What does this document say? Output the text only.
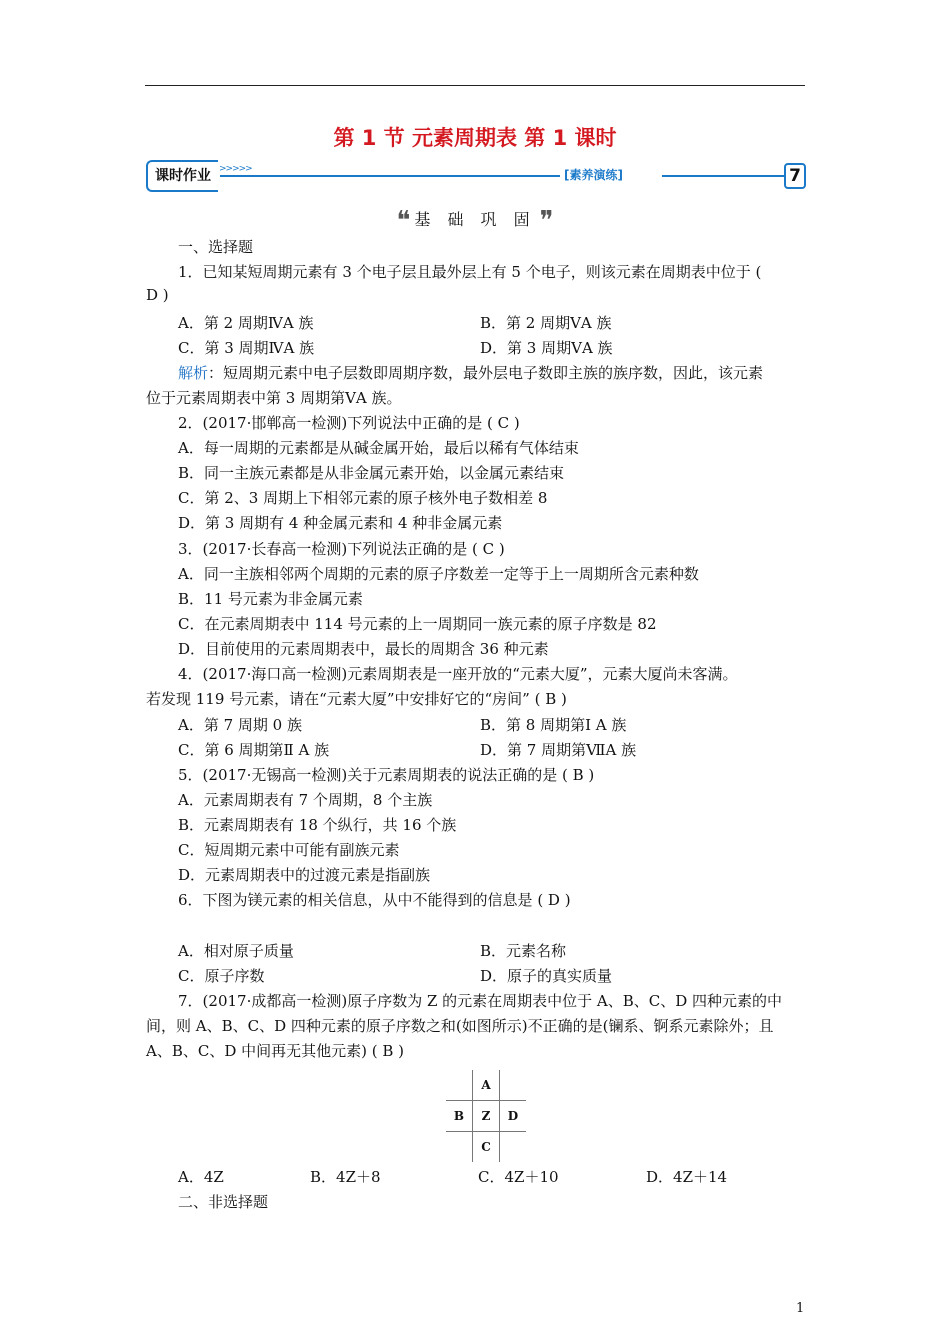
第 1 节 元素周期表 第 1 课时
课时作业 >>>>>	[素养演练]	7
❝ 基 础 巩 固 ❞
一、选择题
1．已知某短周期元素有 3 个电子层且最外层上有 5 个电子，则该元素在周期表中位于 (
D )
A．第 2 周期ⅣA 族	B．第 2 周期ⅤA 族
C．第 3 周期ⅣA 族	D．第 3 周期ⅤA 族
解析：短周期元素中电子层数即周期序数，最外层电子数即主族的族序数，因此，该元素
位于元素周期表中第 3 周期第ⅤA 族。
2．(2017·邯郸高一检测)下列说法中正确的是 ( C )
A．每一周期的元素都是从碱金属开始，最后以稀有气体结束
B．同一主族元素都是从非金属元素开始，以金属元素结束
C．第 2、3 周期上下相邻元素的原子核外电子数相差 8
D．第 3 周期有 4 种金属元素和 4 种非金属元素
3．(2017·长春高一检测)下列说法正确的是 ( C )
A．同一主族相邻两个周期的元素的原子序数差一定等于上一周期所含元素种数
B．11 号元素为非金属元素
C．在元素周期表中 114 号元素的上一周期同一族元素的原子序数是 82
D．目前使用的元素周期表中，最长的周期含 36 种元素
4．(2017·海口高一检测)元素周期表是一座开放的“元素大厦”，元素大厦尚未客满。
若发现 119 号元素，请在“元素大厦”中安排好它的“房间” ( B )
A．第 7 周期 0 族	B．第 8 周期第Ⅰ A 族
C．第 6 周期第Ⅱ A 族	D．第 7 周期第ⅦA 族
5．(2017·无锡高一检测)关于元素周期表的说法正确的是 ( B )
A．元素周期表有 7 个周期，8 个主族
B．元素周期表有 18 个纵行，共 16 个族
C．短周期元素中可能有副族元素
D．元素周期表中的过渡元素是指副族
6．下图为镁元素的相关信息，从中不能得到的信息是 ( D )
A．相对原子质量	B．元素名称
C．原子序数	D．原子的真实质量
7．(2017·成都高一检测)原子序数为 Z 的元素在周期表中位于 A、B、C、D 四种元素的中
间，则 A、B、C、D 四种元素的原子序数之和(如图所示)不正确的是(镧系、锕系元素除外；且
A、B、C、D 中间再无其他元素) ( B )
	A	
B	Z	D
	C	
A．4Z	B．4Z＋8	C．4Z＋10	D．4Z＋14
二、非选择题
1
